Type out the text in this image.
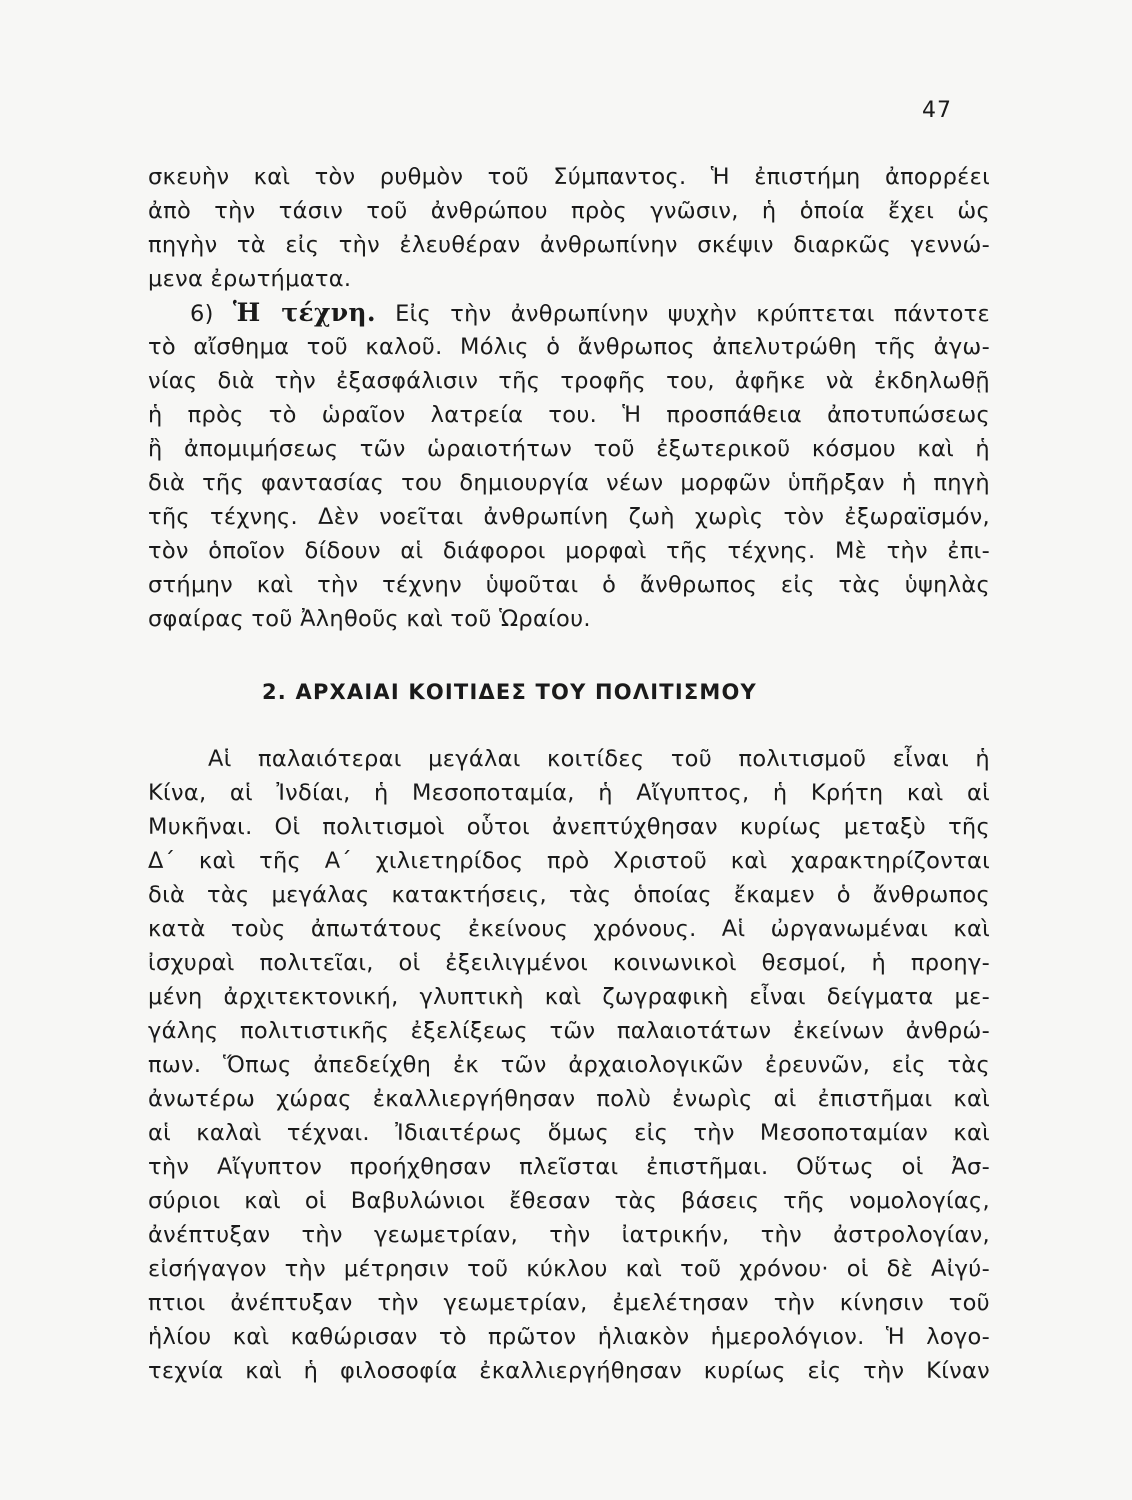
47
σκευὴν καὶ τὸν ρυθμὸν τοῦ Σύμπαντος. Ἡ ἐπιστήμη ἀπορρέει
ἀπὸ τὴν τάσιν τοῦ ἀνθρώπου πρὸς γνῶσιν, ἡ ὁποία ἔχει ὡς
πηγὴν τὰ εἰς τὴν ἐλευθέραν ἀνθρωπίνην σκέψιν διαρκῶς γεννώ-
μενα ἐρωτήματα.
6) Ἡ τέχνη. Εἰς τὴν ἀνθρωπίνην ψυχὴν κρύπτεται πάντοτε
τὸ αἴσθημα τοῦ καλοῦ. Μόλις ὁ ἄνθρωπος ἀπελυτρώθη τῆς ἀγω-
νίας διὰ τὴν ἐξασφάλισιν τῆς τροφῆς του, ἀφῆκε νὰ ἐκδηλωθῇ
ἡ πρὸς τὸ ὡραῖον λατρεία του. Ἡ προσπάθεια ἀποτυπώσεως
ἢ ἀπομιμήσεως τῶν ὡραιοτήτων τοῦ ἐξωτερικοῦ κόσμου καὶ ἡ
διὰ τῆς φαντασίας του δημιουργία νέων μορφῶν ὑπῆρξαν ἡ πηγὴ
τῆς τέχνης. Δὲν νοεῖται ἀνθρωπίνη ζωὴ χωρὶς τὸν ἐξωραϊσμόν,
τὸν ὁποῖον δίδουν αἱ διάφοροι μορφαὶ τῆς τέχνης. Μὲ τὴν ἐπι-
στήμην καὶ τὴν τέχνην ὑψοῦται ὁ ἄνθρωπος εἰς τὰς ὑψηλὰς
σφαίρας τοῦ Ἀληθοῦς καὶ τοῦ Ὡραίου.
2. ΑΡΧΑΙΑΙ ΚΟΙΤΙΔΕΣ ΤΟΥ ΠΟΛΙΤΙΣΜΟΥ
Αἱ παλαιότεραι μεγάλαι κοιτίδες τοῦ πολιτισμοῦ εἶναι ἡ
Κίνα, αἱ Ἰνδίαι, ἡ Μεσοποταμία, ἡ Αἴγυπτος, ἡ Κρήτη καὶ αἱ
Μυκῆναι. Οἱ πολιτισμοὶ οὗτοι ἀνεπτύχθησαν κυρίως μεταξὺ τῆς
Δ΄ καὶ τῆς Α΄ χιλιετηρίδος πρὸ Χριστοῦ καὶ χαρακτηρίζονται
διὰ τὰς μεγάλας κατακτήσεις, τὰς ὁποίας ἔκαμεν ὁ ἄνθρωπος
κατὰ τοὺς ἀπωτάτους ἐκείνους χρόνους. Αἱ ὠργανωμέναι καὶ
ἰσχυραὶ πολιτεῖαι, οἱ ἐξειλιγμένοι κοινωνικοὶ θεσμοί, ἡ προηγ-
μένη ἀρχιτεκτονική, γλυπτικὴ καὶ ζωγραφικὴ εἶναι δείγματα με-
γάλης πολιτιστικῆς ἐξελίξεως τῶν παλαιοτάτων ἐκείνων ἀνθρώ-
πων. Ὅπως ἀπεδείχθη ἐκ τῶν ἀρχαιολογικῶν ἐρευνῶν, εἰς τὰς
ἀνωτέρω χώρας ἐκαλλιεργήθησαν πολὺ ἐνωρὶς αἱ ἐπιστῆμαι καὶ
αἱ καλαὶ τέχναι. Ἰδιαιτέρως ὅμως εἰς τὴν Μεσοποταμίαν καὶ
τὴν Αἴγυπτον προήχθησαν πλεῖσται ἐπιστῆμαι. Οὕτως οἱ Ἀσ-
σύριοι καὶ οἱ Βαβυλώνιοι ἔθεσαν τὰς βάσεις τῆς νομολογίας,
ἀνέπτυξαν τὴν γεωμετρίαν, τὴν ἰατρικήν, τὴν ἀστρολογίαν,
εἰσήγαγον τὴν μέτρησιν τοῦ κύκλου καὶ τοῦ χρόνου· οἱ δὲ Αἰγύ-
πτιοι ἀνέπτυξαν τὴν γεωμετρίαν, ἐμελέτησαν τὴν κίνησιν τοῦ
ἡλίου καὶ καθώρισαν τὸ πρῶτον ἡλιακὸν ἡμερολόγιον. Ἡ λογο-
τεχνία καὶ ἡ φιλοσοφία ἐκαλλιεργήθησαν κυρίως εἰς τὴν Κίναν
